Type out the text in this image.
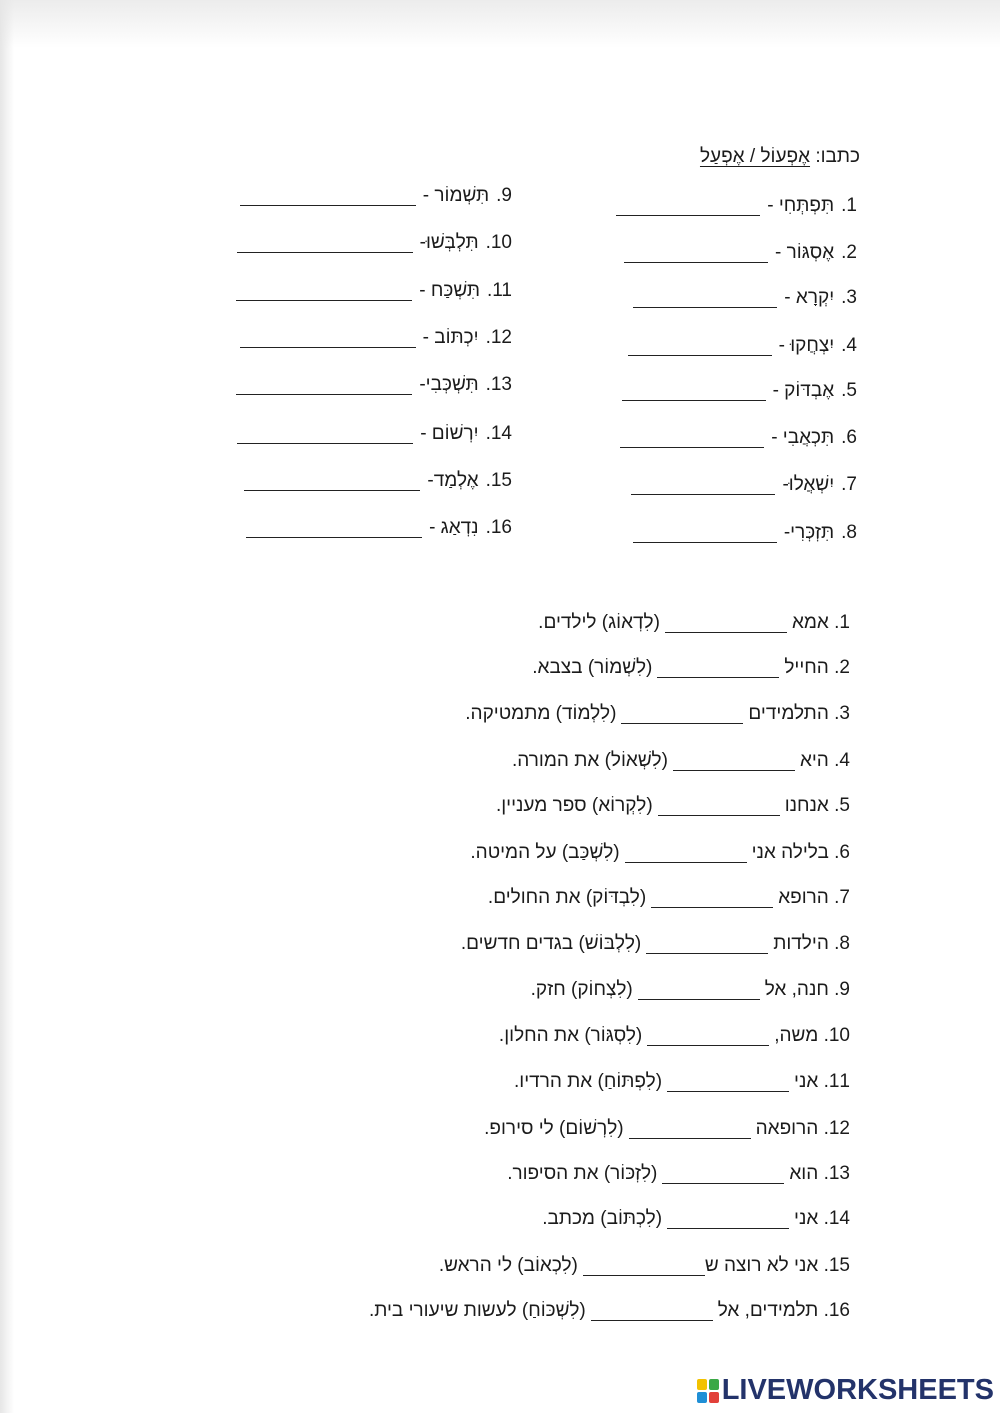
כתבו: אֶפְעוֹל / אֶפְעַל
1.
תִּפְתְּחִי -
2.
אֶסְגּוֹר -
3.
יִקְרָא -
4.
יִצְחֲקוּ -
5.
אֶבְדּוֹק -
6.
תִּכְאֲבִי -
7.
יִשְׁאֲלוּ-
8.
תִּזְכְּרִי-
9.
תִּשְׁמוֹר -
10.
תִּלְבְּשׁוּ-
11.
תִּשְׁכַּח -
12.
יִכְתּוֹב -
13.
תִּשְׁכְּבִי-
14.
יִרְשׁוֹם -
15.
אֶלְמַד-
16.
נִדְאַג -
1. אמא(לִדְאוֹג) לילדים.
2. החייל(לִשְׁמוֹר) בצבא.
3. התלמידים(לִלְמוֹד) מתמטיקה.
4. היא(לִשְׁאוֹל) את המורה.
5. אנחנו(לִקְרוֹא) ספר מעניין.
6. בלילה אני(לִשְׁכַּב) על המיטה.
7. הרופא(לִבְדּוֹק) את החולים.
8. הילדות(לִלְבּוֹשׁ) בגדים חדשים.
9. חנה, אל(לִצְחוֹק) חזק.
10. משה,(לִסְגּוֹר) את החלון.
11. אני(לִפְתּוֹחַ) את הרדיו.
12. הרופאה(לִרְשׁוֹם) לי סירופ.
13. הוא(לִזְכּוֹר) את הסיפור.
14. אני(לִכְתּוֹב) מכתב.
15. אני לא רוצה ש(לִכְאוֹב) לי הראש.
16. תלמידים, אל(לִשְׁכּוֹחַ) לעשות שיעורי בית.
LIVEWORKSHEETS
